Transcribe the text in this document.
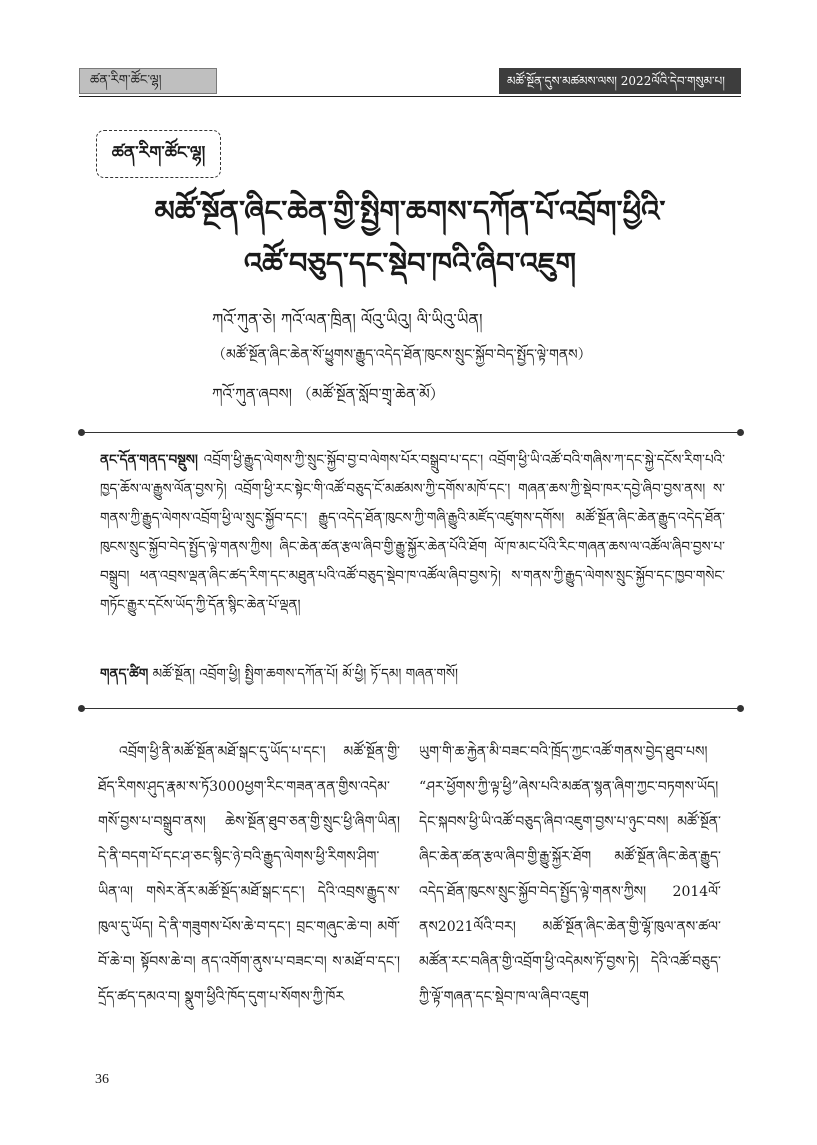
ཚན་རིག་ཚོང་ལྷ།	མཚོ་སྔོན་དུས་མཚམས་ལས། 2022ལོའི་དེབ་གསུམ་པ།
ཚན་རིག་ཚོང་ལྷ།
མཚོ་སྔོན་ཞིང་ཆེན་གྱི་སྤྱིག་ཆགས་དཀོན་པོ་འབྲོག་ཕྱིའི་
འཚོ་བཅུད་དང་སྡེབ་ཁའི་ཞིབ་འཇུག
ཀའོ་ཀུན་ཅེ། ཀའོ་ལན་ཁྲིན། ལོའུ་ཡིའུ། ལི་ཡིའུ་ཡིན།
（མཚོ་སྔོན་ཞིང་ཆེན་སོ་ཕྱུགས་རྒྱུད་འདེད་ཐོན་ཁུངས་སྲུང་སྐྱོབ་བེད་སྤྱོད་ལྟེ་གནས）
ཀའོ་ཀུན་ཞབས། （མཚོ་སྔོན་སློབ་གྲྭ་ཆེན་མོ）
ནང་དོན་གནད་བསྡུས། འབྲོག་ཕྱི་རྒྱུད་ལེགས་ཀྱི་སྲུང་སྐྱོབ་བྱ་བ་ལེགས་པོར་བསྒྲུབ་པ་དང་། འབྲོག་ཕྱི་ཡི་འཚོ་བའི་གཞིས་ཀ་དང་སྐྱེ་དངོས་རིག་པའི་ཁྱད་ཆོས་ལ་རྒྱུས་ལོན་བྱས་ཏེ། འབྲོག་ཕྱི་རང་སྟེང་གི་འཚོ་བཅུད་ངོ་མཚམས་ཀྱི་དགོས་མཁོ་དང་། གཞན་ཆས་ཀྱི་སྡེབ་ཁར་དབྱེ་ཞིབ་བྱས་ནས། ས་གནས་ཀྱི་རྒྱུད་ལེགས་འབྲོག་ཕྱི་ལ་སྲུང་སྐྱོབ་དང་། རྒྱུད་འདེད་ཐོན་ཁུངས་ཀྱི་གཞི་རྒྱུའི་མཛོད་འཛུགས་དགོས། མཚོ་སྔོན་ཞིང་ཆེན་རྒྱུད་འདེད་ཐོན་ཁུངས་སྲུང་སྐྱོབ་བེད་སྤྱོད་ལྟེ་གནས་ཀྱིས། ཞིང་ཆེན་ཚན་རྩལ་ཞིབ་གྱི་རྒྱུ་སྐྱོར་ཆེན་པོའི་ཐོག ལོ་ཁ་མང་པོའི་རིང་གཞན་ཆས་ལ་འཚོལ་ཞིབ་བྱས་པ་བསྒྲུབ། ཕན་འབྲས་ལྡན་ཞིང་ཚད་རིག་དང་མཐུན་པའི་འཚོ་བཅུད་སྡེབ་ཁ་འཚོལ་ཞིབ་བྱས་ཏེ། ས་གནས་ཀྱི་རྒྱུད་ལེགས་སྲུང་སྐྱོབ་དང་ཁྱབ་གསེང་གཏོང་རྒྱུར་དངོས་ཡོད་ཀྱི་དོན་སྙིང་ཆེན་པོ་ལྡན།
གནད་ཚིག མཚོ་སྔོན། འབྲོག་ཕྱི། སྤྱིག་ཆགས་དཀོན་པོ། མོ་ཕྱི། ཏོ་དམ། གཞན་གསོ།
འབྲོག་ཕྱི་ནི་མཚོ་སྔོན་མཐོ་སྒང་དུ་ཡོད་པ་དང་། མཚོ་སྔོན་གྱི་ཐོད་རིགས་ཤུད་རྣམ་ས་ཏོ3000ཕྱག་རིང་གཟན་ནན་གྱིས་འདེམ་གསོ་བྱས་པ་བསྒྲུབ་ནས། ཆེས་སྔོན་ཐུབ་ཅན་གྱི་སྲུང་ཕྱི་ཞིག་ཡིན། དེ་ནི་བདག་པོ་དང་ཤ་ཅང་སྙིང་ཉེ་བའི་རྒྱུད་ལེགས་ཕྱི་རིགས་ཤིག་ཡིན་ལ། གསེར་ནོར་མཚོ་སྔོད་མཐོ་སྒང་དང་། དེའི་འབྲས་རྒྱུད་ས་ཁུལ་དུ་ཡོད། དེ་ནི་གཟུགས་པོས་ཆེ་བ་དང་། བྲང་གཞུང་ཆེ་བ། མགོ་བོ་ཆེ་བ། སྟོབས་ཆེ་བ། ནད་འགོག་ནུས་པ་བཟང་བ། ས་མཐོ་བ་དང་། དྲོད་ཚད་དམའ་བ། སྣུག་ཕྱིའི་ཁོད་དུག་པ་སོགས་ཀྱི་ཁོར
ཡུག་གི་ཆ་རྐྱེན་མི་བཟང་བའི་ཁྲོད་ཀྱང་འཚོ་གནས་བྱེད་ཐུབ་པས། “ཤར་ཕྱོགས་ཀྱི་ལྟ་ཕྱི”ཞེས་པའི་མཚན་སྙན་ཞིག་ཀྱང་བཏགས་ཡོད། དེང་སྐབས་ཕྱི་ཡི་འཚོ་བཅུད་ཞིབ་འཇུག་བྱས་པ་ཉུང་བས། མཚོ་སྔོན་ཞིང་ཆེན་ཚན་རྩལ་ཞིབ་གྱི་རྒྱུ་སྐྱོར་ཐོག མཚོ་སྔོན་ཞིང་ཆེན་རྒྱུད་འདེད་ཐོན་ཁུངས་སྲུང་སྐྱོབ་བེད་སྤྱོད་ལྟེ་གནས་ཀྱིས། 2014ལོ་ནས2021ལོའི་བར། མཚོ་སྔོན་ཞིང་ཆེན་གྱི་ལྷོ་ཁུལ་ནས་ཚལ་མཚོན་རང་བཞིན་གྱི་འབྲོག་ཕྱི་འདེམས་ཏོ་བྱས་ཏེ། དེའི་འཚོ་བཅུད་ཀྱི་ལྟོ་གཞན་དང་སྡེབ་ཁ་ལ་ཞིབ་འཇུག
36
